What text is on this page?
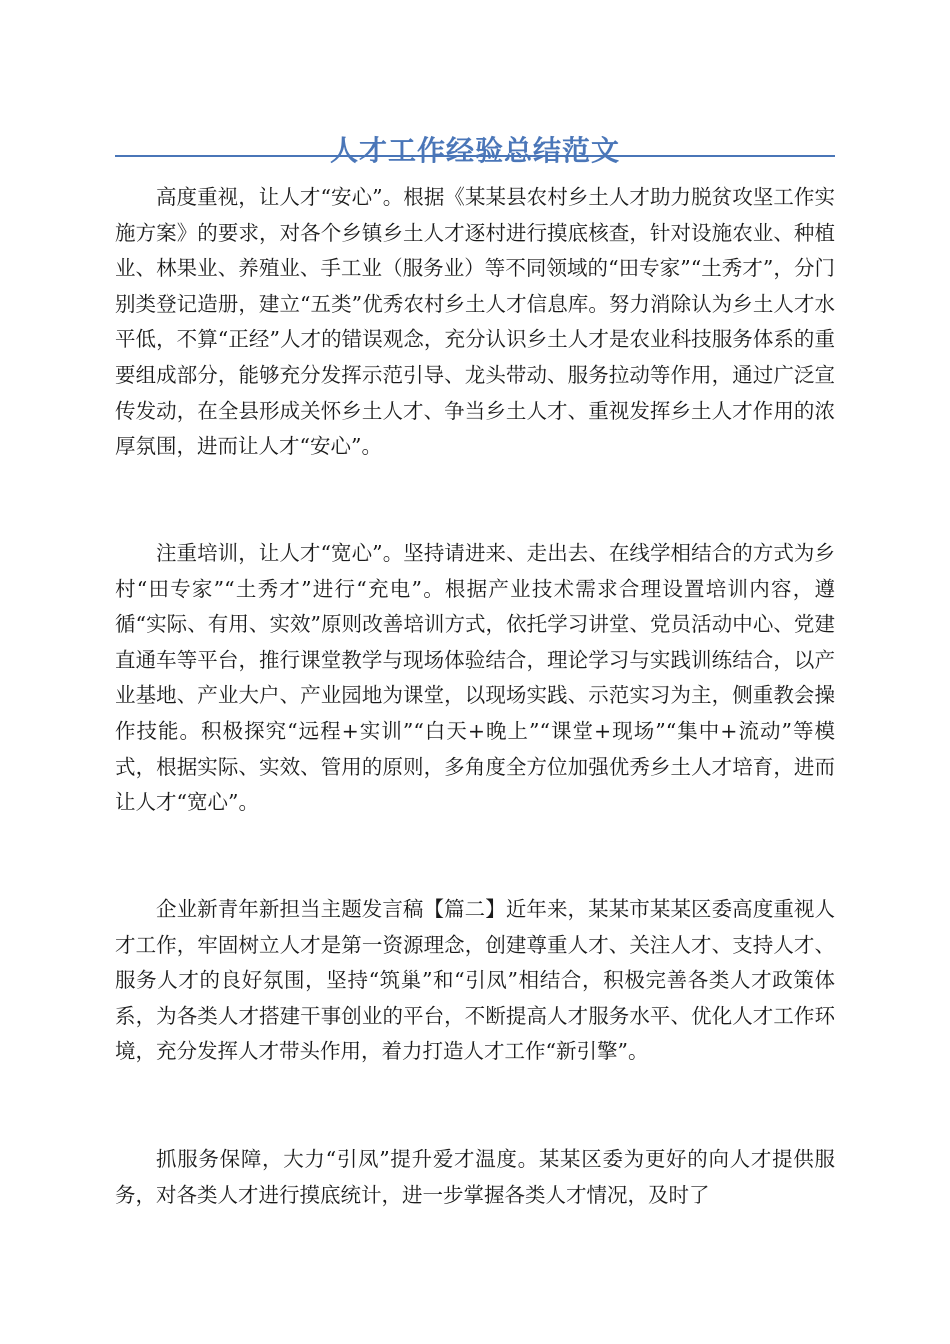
人才工作经验总结范文

高度重视，让人才“安心”。根据《某某县农村乡土人才助力脱贫攻坚工作实施方案》的要求，对各个乡镇乡土人才逐村进行摸底核查，针对设施农业、种植业、林果业、养殖业、手工业（服务业）等不同领域的“田专家”“土秀才”，分门别类登记造册，建立“五类”优秀农村乡土人才信息库。努力消除认为乡土人才水平低，不算“正经”人才的错误观念，充分认识乡土人才是农业科技服务体系的重要组成部分，能够充分发挥示范引导、龙头带动、服务拉动等作用，通过广泛宣传发动，在全县形成关怀乡土人才、争当乡土人才、重视发挥乡土人才作用的浓厚氛围，进而让人才“安心”。

注重培训，让人才“宽心”。坚持请进来、走出去、在线学相结合的方式为乡村“田专家”“土秀才”进行“充电”。根据产业技术需求合理设置培训内容，遵循“实际、有用、实效”原则改善培训方式，依托学习讲堂、党员活动中心、党建直通车等平台，推行课堂教学与现场体验结合，理论学习与实践训练结合，以产业基地、产业大户、产业园地为课堂，以现场实践、示范实习为主，侧重教会操作技能。积极探究“远程+实训”“白天+晚上”“课堂+现场”“集中+流动”等模式，根据实际、实效、管用的原则，多角度全方位加强优秀乡土人才培育，进而让人才“宽心”。

企业新青年新担当主题发言稿【篇二】近年来，某某市某某区委高度重视人才工作，牢固树立人才是第一资源理念，创建尊重人才、关注人才、支持人才、服务人才的良好氛围，坚持“筑巢”和“引凤”相结合，积极完善各类人才政策体系，为各类人才搭建干事创业的平台，不断提高人才服务水平、优化人才工作环境，充分发挥人才带头作用，着力打造人才工作“新引擎”。

抓服务保障，大力“引凤”提升爱才温度。某某区委为更好的向人才提供服务，对各类人才进行摸底统计，进一步掌握各类人才情况，及时了
